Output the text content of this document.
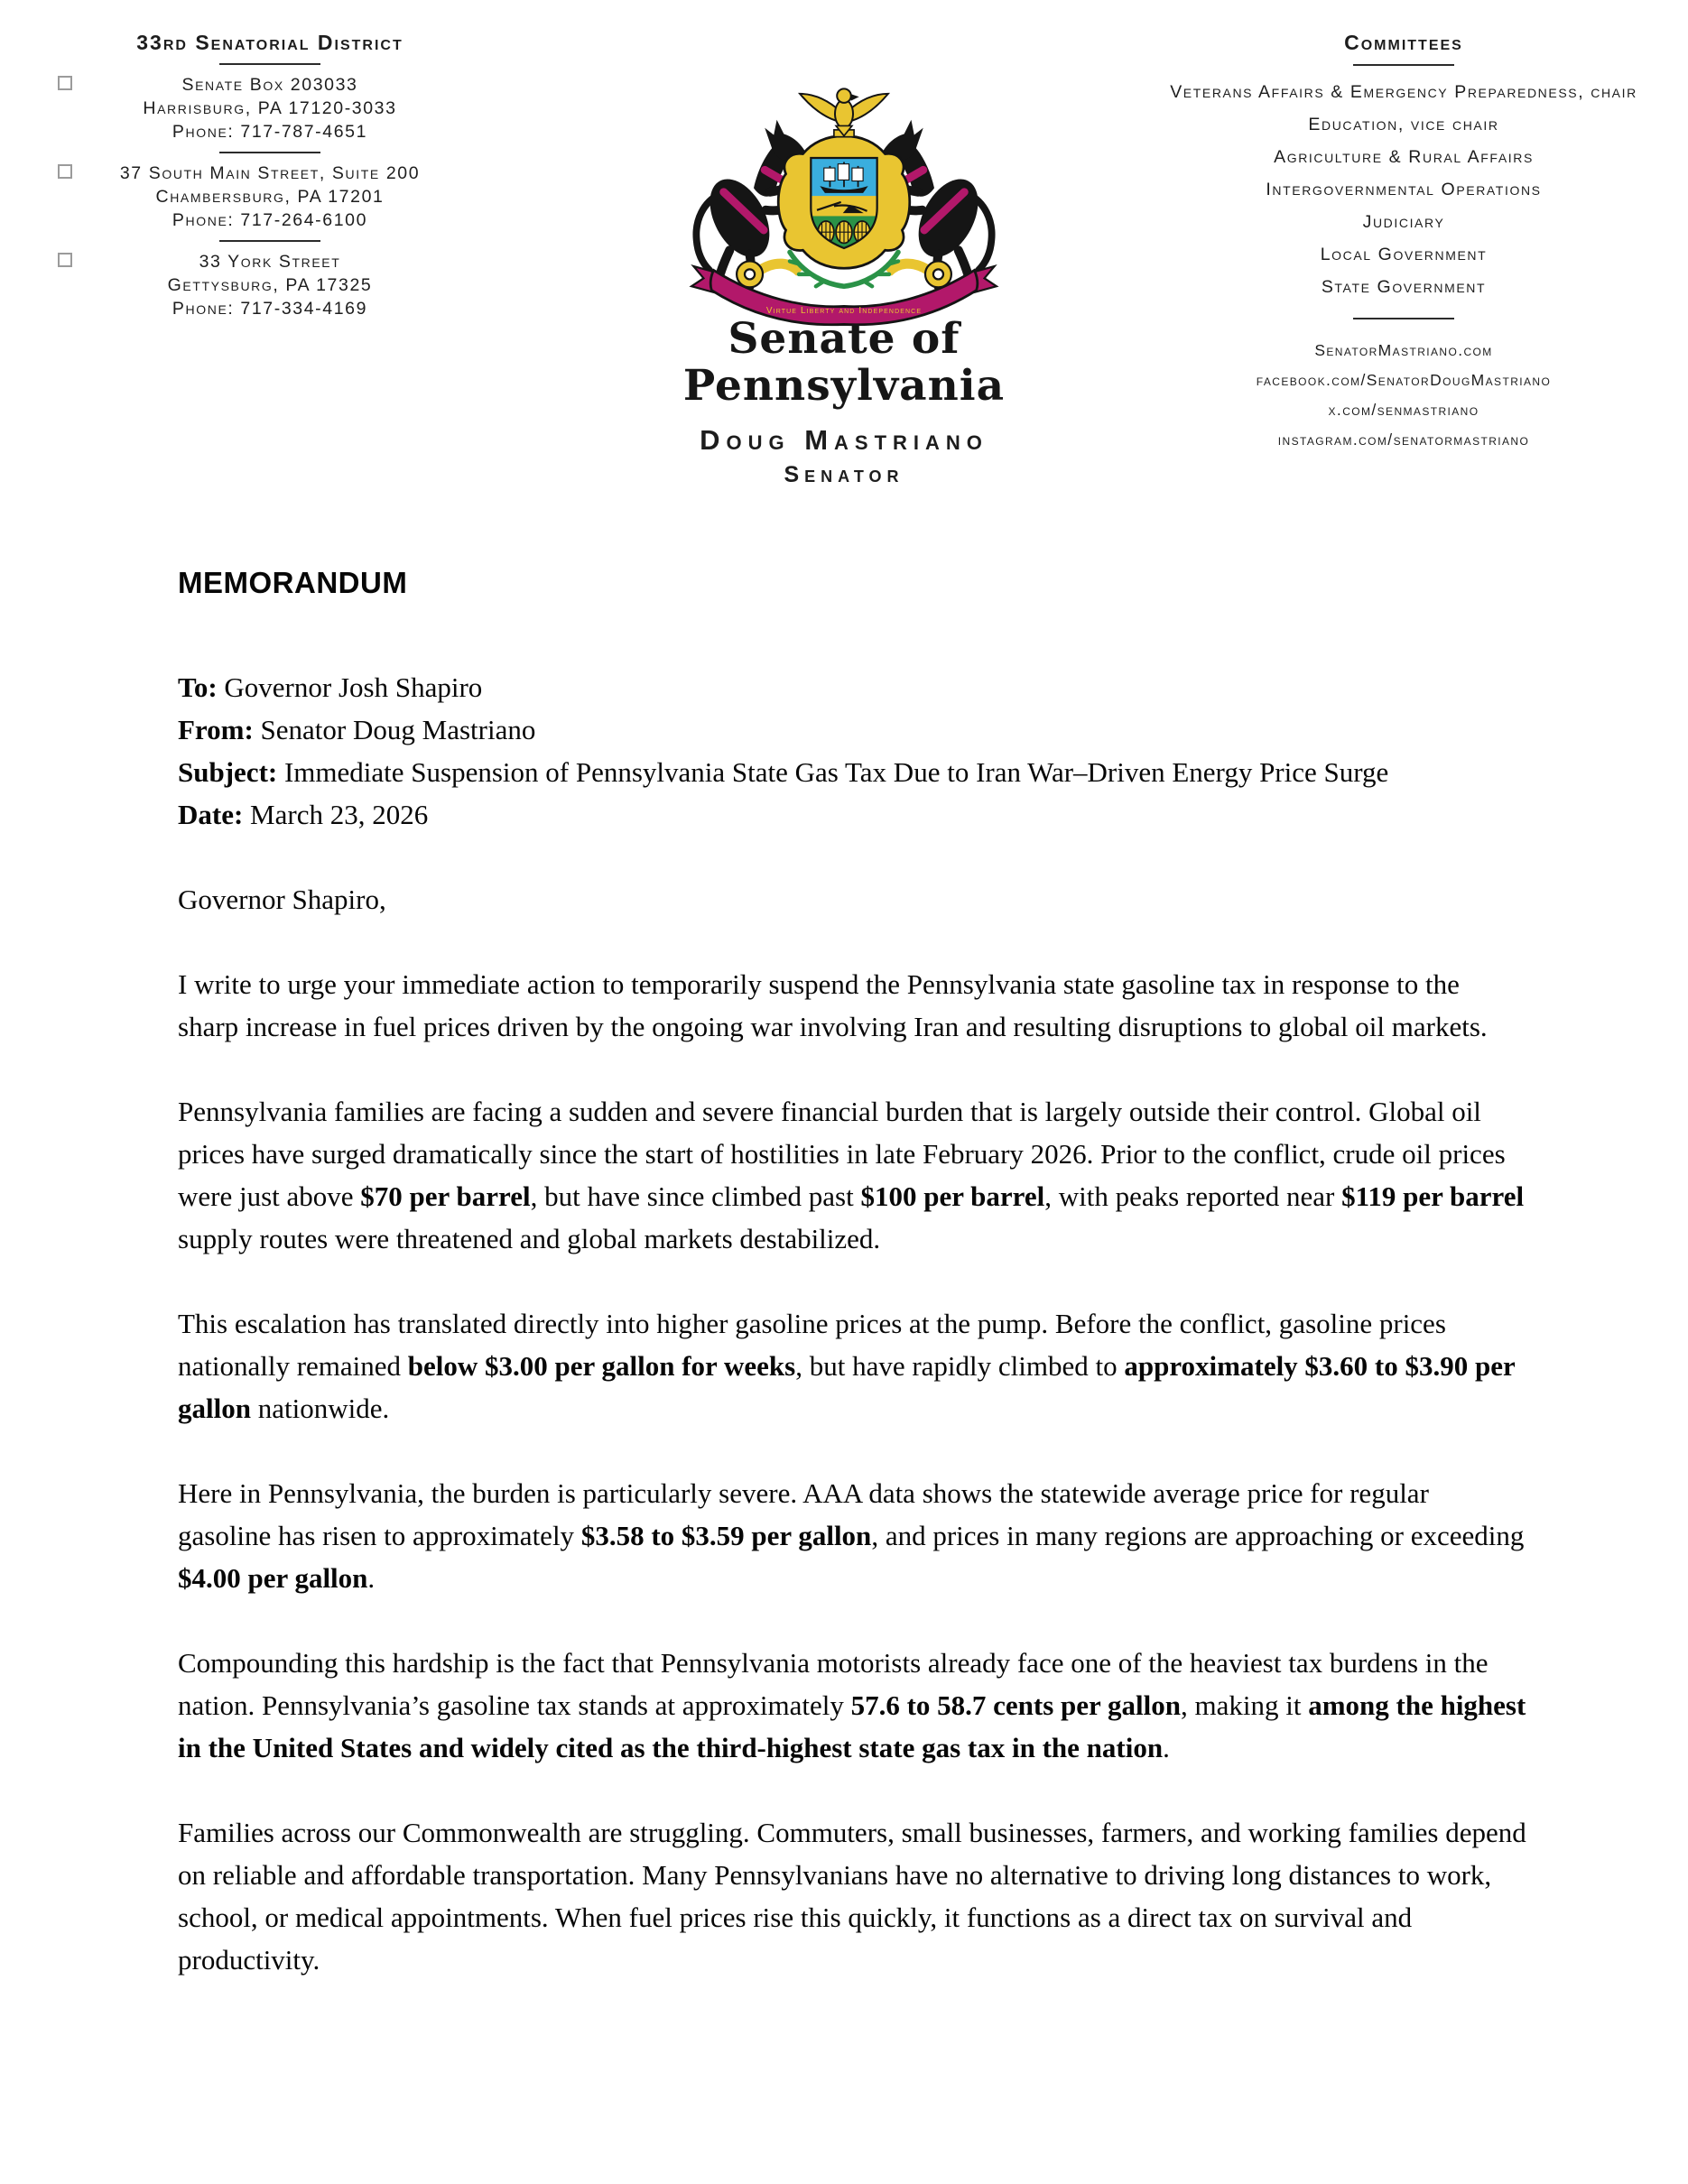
33rd Senatorial District
Senate Box 203033
Harrisburg, PA 17120-3033
Phone: 717-787-4651
37 South Main Street, Suite 200
Chambersburg, PA 17201
Phone: 717-264-6100
33 York Street
Gettysburg, PA 17325
Phone: 717-334-4169	Virtue Liberty and Independence
Senate of Pennsylvania
Doug Mastriano
Senator
Committees
Veterans Affairs & Emergency Preparedness, chair
Education, vice chair
Agriculture & Rural Affairs
Intergovernmental Operations
Judiciary
Local Government
State Government
SenatorMastriano.com
facebook.com/SenatorDougMastriano
x.com/senmastriano
instagram.com/senatormastriano
MEMORANDUM
To: Governor Josh Shapiro
From: Senator Doug Mastriano
Subject: Immediate Suspension of Pennsylvania State Gas Tax Due to Iran War–Driven Energy Price Surge
Date: March 23, 2026
Governor Shapiro,

I write to urge your immediate action to temporarily suspend the Pennsylvania state gasoline tax in response to the sharp increase in fuel prices driven by the ongoing war involving Iran and resulting disruptions to global oil markets.

Pennsylvania families are facing a sudden and severe financial burden that is largely outside their control. Global oil prices have surged dramatically since the start of hostilities in late February 2026. Prior to the conflict, crude oil prices were just above $70 per barrel, but have since climbed past $100 per barrel, with peaks reported near $119 per barrel supply routes were threatened and global markets destabilized.

This escalation has translated directly into higher gasoline prices at the pump. Before the conflict, gasoline prices nationally remained below $3.00 per gallon for weeks, but have rapidly climbed to approximately $3.60 to $3.90 per gallon nationwide.

Here in Pennsylvania, the burden is particularly severe. AAA data shows the statewide average price for regular gasoline has risen to approximately $3.58 to $3.59 per gallon, and prices in many regions are approaching or exceeding $4.00 per gallon.

Compounding this hardship is the fact that Pennsylvania motorists already face one of the heaviest tax burdens in the nation. Pennsylvania’s gasoline tax stands at approximately 57.6 to 58.7 cents per gallon, making it among the highest in the United States and widely cited as the third-highest state gas tax in the nation.

Families across our Commonwealth are struggling. Commuters, small businesses, farmers, and working families depend on reliable and affordable transportation. Many Pennsylvanians have no alternative to driving long distances to work, school, or medical appointments. When fuel prices rise this quickly, it functions as a direct tax on survival and productivity.
